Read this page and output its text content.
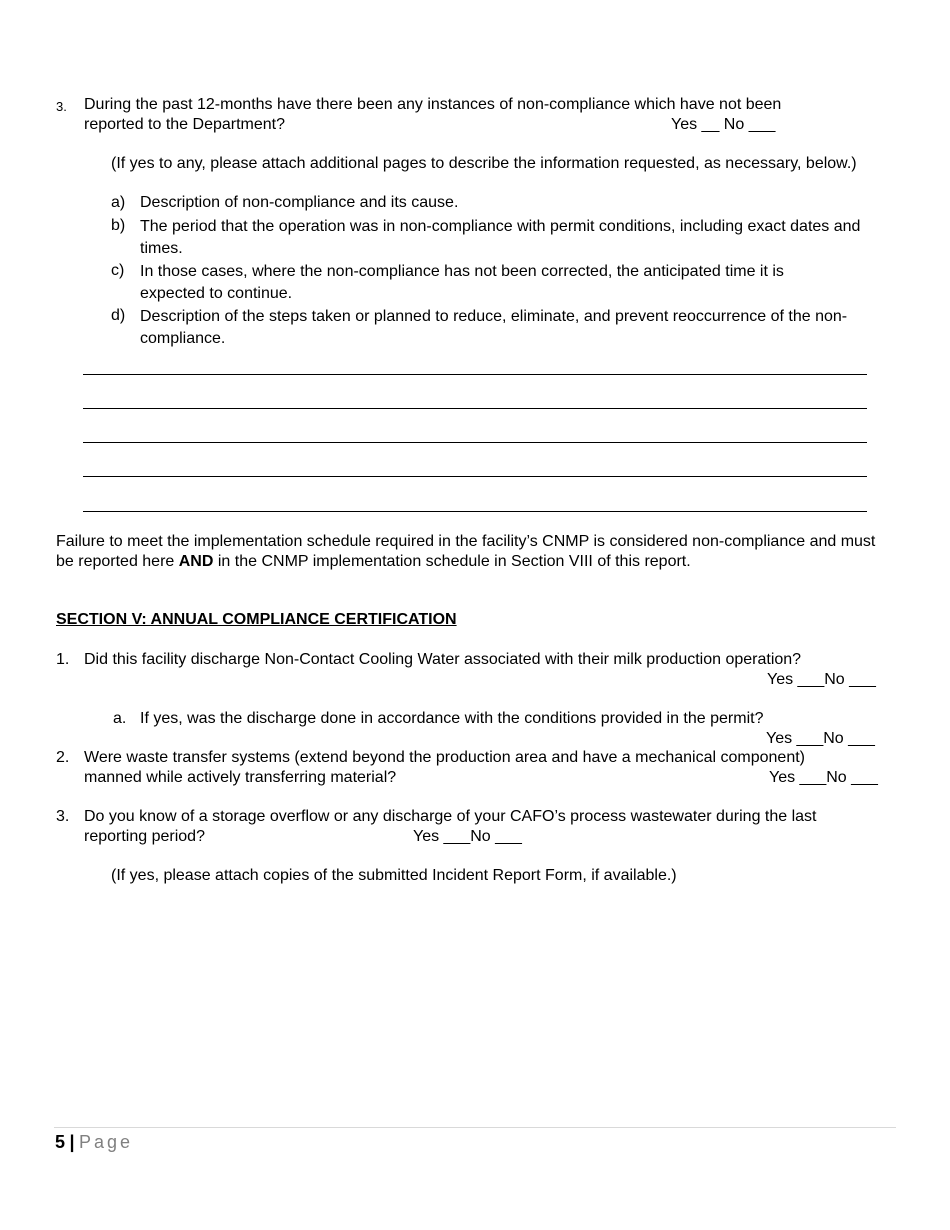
3. During the past 12-months have there been any instances of non-compliance which have not been
reported to the Department?	Yes __ No ___
(If yes to any, please attach additional pages to describe the information requested, as necessary, below.)
a) Description of non-compliance and its cause.
b) The period that the operation was in non-compliance with permit conditions, including exact dates and times.
c) In those cases, where the non-compliance has not been corrected, the anticipated time it is expected to continue.
d) Description of the steps taken or planned to reduce, eliminate, and prevent reoccurrence of the non-compliance.
Failure to meet the implementation schedule required in the facility’s CNMP is considered non-compliance and must be reported here AND in the CNMP implementation schedule in Section VIII of this report.
SECTION V: ANNUAL COMPLIANCE CERTIFICATION
1. Did this facility discharge Non-Contact Cooling Water associated with their milk production operation?
Yes ___No ___
a. If yes, was the discharge done in accordance with the conditions provided in the permit?
Yes ___No ___
2. Were waste transfer systems (extend beyond the production area and have a mechanical component)
manned while actively transferring material?	Yes ___No ___
3. Do you know of a storage overflow or any discharge of your CAFO’s process wastewater during the last
reporting period?	Yes ___No ___
(If yes, please attach copies of the submitted Incident Report Form, if available.)
5 | Page
